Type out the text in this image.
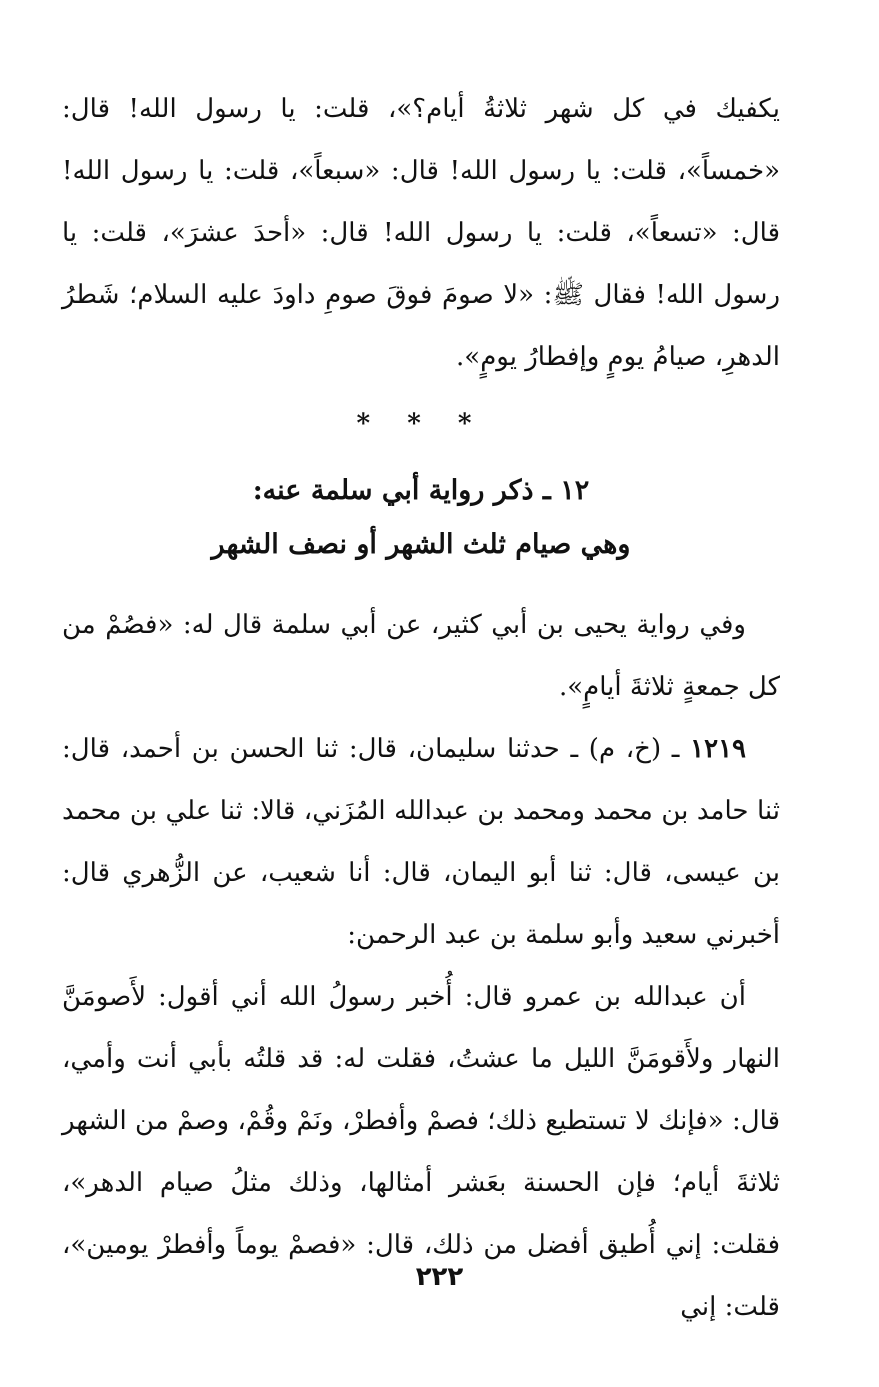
يكفيك في كل شهر ثلاثةُ أيام؟»، قلت: يا رسول الله! قال: «خمساً»، قلت: يا رسول الله! قال: «سبعاً»، قلت: يا رسول الله! قال: «تسعاً»، قلت: يا رسول الله! قال: «أحدَ عشرَ»، قلت: يا رسول الله! فقال ﷺ: «لا صومَ فوقَ صومِ داودَ عليه السلام؛ شَطرُ الدهرِ، صيامُ يومٍ وإفطارُ يومٍ».

* * *
١٢ ـ ذكر رواية أبي سلمة عنه:
وهي صيام ثلث الشهر أو نصف الشهر

وفي رواية يحيى بن أبي كثير، عن أبي سلمة قال له: «فصُمْ من كل جمعةٍ ثلاثةَ أيامٍ».

١٢١٩ ـ (خ، م) ـ حدثنا سليمان، قال: ثنا الحسن بن أحمد، قال: ثنا حامد بن محمد ومحمد بن عبدالله المُزَني، قالا: ثنا علي بن محمد بن عيسى، قال: ثنا أبو اليمان، قال: أنا شعيب، عن الزُّهري قال: أخبرني سعيد وأبو سلمة بن عبد الرحمن:

أن عبدالله بن عمرو قال: أُخبر رسولُ الله أني أقول: لأَصومَنَّ النهار ولأَقومَنَّ الليل ما عشتُ، فقلت له: قد قلتُه بأبي أنت وأمي، قال: «فإنك لا تستطيع ذلك؛ فصمْ وأفطرْ، ونَمْ وقُمْ، وصمْ من الشهر ثلاثةَ أيام؛ فإن الحسنة بعَشر أمثالها، وذلك مثلُ صيام الدهر»، فقلت: إني أُطيق أفضل من ذلك، قال: «فصمْ يوماً وأفطرْ يومين»، قلت: إني

٢٢٢
